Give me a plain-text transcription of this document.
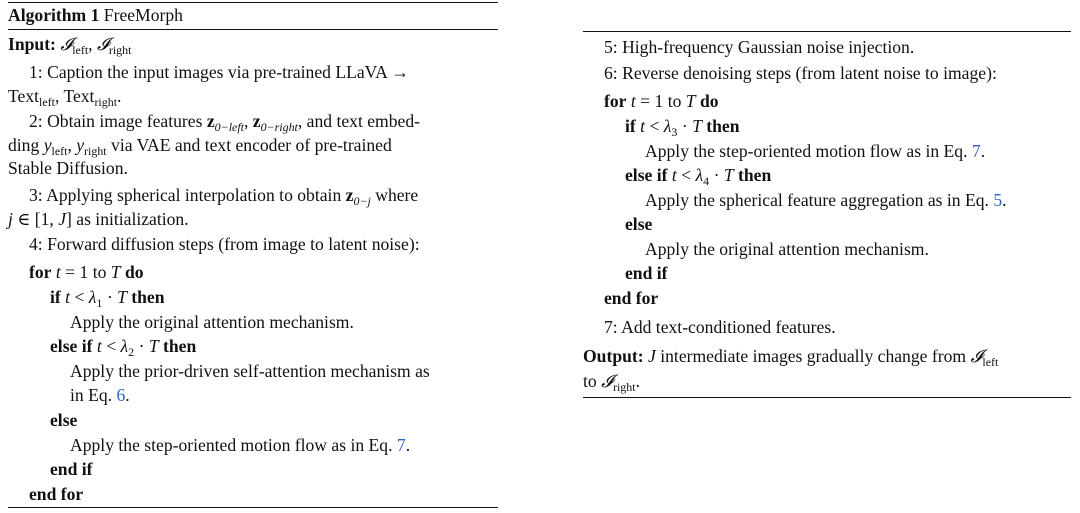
Algorithm 1 FreeMorph
Input: 𝓘$_{left}$, 𝓘$_{right}$
1: Caption the input images via pre-trained LLaVA →
Text$_{left}$, Text$_{right}$.
2: Obtain image features $z_{0-left}$, $z_{0-right}$, and text embed-
ding $y_{left}$, $y_{right}$ via VAE and text encoder of pre-trained
Stable Diffusion.
3: Applying spherical interpolation to obtain $z_{0-j}$ where
j ∈ [1, J] as initialization.
4: Forward diffusion steps (from image to latent noise):
for t = 1 to T do
if $t < \lambda_1 \cdot T$ then
Apply the original attention mechanism.
else if $t < \lambda_2 \cdot T$ then
Apply the prior-driven self-attention mechanism as
in Eq. 6.
else
Apply the step-oriented motion flow as in Eq. 7.
end if
end for
5: High-frequency Gaussian noise injection.
6: Reverse denoising steps (from latent noise to image):
for t = 1 to T do
if $t < \lambda_3 \cdot T$ then
Apply the step-oriented motion flow as in Eq. 7.
else if $t < \lambda_4 \cdot T$ then
Apply the spherical feature aggregation as in Eq. 5.
else
Apply the original attention mechanism.
end if
end for
7: Add text-conditioned features.
Output: J intermediate images gradually change from 𝓘$_{left}$
to 𝓘$_{right}$.
